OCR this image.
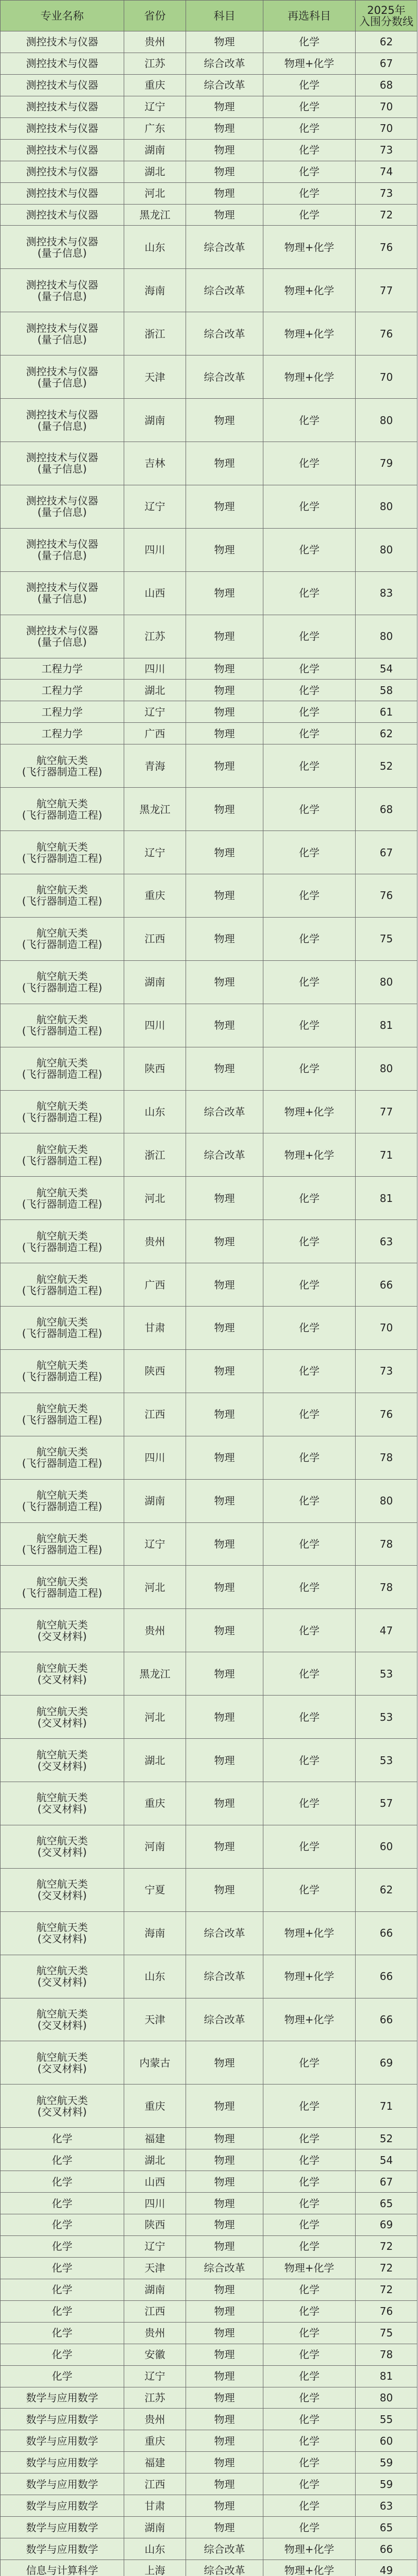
专业名称	省份	科目	再选科目	2025年
入围分数线
测控技术与仪器	贵州	物理	化学	62
测控技术与仪器	江苏	综合改革	物理+化学	67
测控技术与仪器	重庆	综合改革	化学	68
测控技术与仪器	辽宁	物理	化学	70
测控技术与仪器	广东	物理	化学	70
测控技术与仪器	湖南	物理	化学	73
测控技术与仪器	湖北	物理	化学	74
测控技术与仪器	河北	物理	化学	73
测控技术与仪器	黑龙江	物理	化学	72
测控技术与仪器
(量子信息)	山东	综合改革	物理+化学	76
测控技术与仪器
(量子信息)	海南	综合改革	物理+化学	77
测控技术与仪器
(量子信息)	浙江	综合改革	物理+化学	76
测控技术与仪器
(量子信息)	天津	综合改革	物理+化学	70
测控技术与仪器
(量子信息)	湖南	物理	化学	80
测控技术与仪器
(量子信息)	吉林	物理	化学	79
测控技术与仪器
(量子信息)	辽宁	物理	化学	80
测控技术与仪器
(量子信息)	四川	物理	化学	80
测控技术与仪器
(量子信息)	山西	物理	化学	83
测控技术与仪器
(量子信息)	江苏	物理	化学	80
工程力学	四川	物理	化学	54
工程力学	湖北	物理	化学	58
工程力学	辽宁	物理	化学	61
工程力学	广西	物理	化学	62
航空航天类
(飞行器制造工程)	青海	物理	化学	52
航空航天类
(飞行器制造工程)	黑龙江	物理	化学	68
航空航天类
(飞行器制造工程)	辽宁	物理	化学	67
航空航天类
(飞行器制造工程)	重庆	物理	化学	76
航空航天类
(飞行器制造工程)	江西	物理	化学	75
航空航天类
(飞行器制造工程)	湖南	物理	化学	80
航空航天类
(飞行器制造工程)	四川	物理	化学	81
航空航天类
(飞行器制造工程)	陕西	物理	化学	80
航空航天类
(飞行器制造工程)	山东	综合改革	物理+化学	77
航空航天类
(飞行器制造工程)	浙江	综合改革	物理+化学	71
航空航天类
(飞行器制造工程)	河北	物理	化学	81
航空航天类
(飞行器制造工程)	贵州	物理	化学	63
航空航天类
(飞行器制造工程)	广西	物理	化学	66
航空航天类
(飞行器制造工程)	甘肃	物理	化学	70
航空航天类
(飞行器制造工程)	陕西	物理	化学	73
航空航天类
(飞行器制造工程)	江西	物理	化学	76
航空航天类
(飞行器制造工程)	四川	物理	化学	78
航空航天类
(飞行器制造工程)	湖南	物理	化学	80
航空航天类
(飞行器制造工程)	辽宁	物理	化学	78
航空航天类
(飞行器制造工程)	河北	物理	化学	78
航空航天类
(交叉材料)	贵州	物理	化学	47
航空航天类
(交叉材料)	黑龙江	物理	化学	53
航空航天类
(交叉材料)	河北	物理	化学	53
航空航天类
(交叉材料)	湖北	物理	化学	53
航空航天类
(交叉材料)	重庆	物理	化学	57
航空航天类
(交叉材料)	河南	物理	化学	60
航空航天类
(交叉材料)	宁夏	物理	化学	62
航空航天类
(交叉材料)	海南	综合改革	物理+化学	66
航空航天类
(交叉材料)	山东	综合改革	物理+化学	66
航空航天类
(交叉材料)	天津	综合改革	物理+化学	66
航空航天类
(交叉材料)	内蒙古	物理	化学	69
航空航天类
(交叉材料)	重庆	物理	化学	71
化学	福建	物理	化学	52
化学	湖北	物理	化学	54
化学	山西	物理	化学	67
化学	四川	物理	化学	65
化学	陕西	物理	化学	69
化学	辽宁	物理	化学	72
化学	天津	综合改革	物理+化学	72
化学	湖南	物理	化学	72
化学	江西	物理	化学	76
化学	贵州	物理	化学	75
化学	安徽	物理	化学	78
化学	辽宁	物理	化学	81
数学与应用数学	江苏	物理	化学	80
数学与应用数学	贵州	物理	化学	55
数学与应用数学	重庆	物理	化学	60
数学与应用数学	福建	物理	化学	59
数学与应用数学	江西	物理	化学	59
数学与应用数学	甘肃	物理	化学	63
数学与应用数学	湖南	物理	化学	65
数学与应用数学	山东	综合改革	物理+化学	66
信息与计算科学	上海	综合改革	物理+化学	49
